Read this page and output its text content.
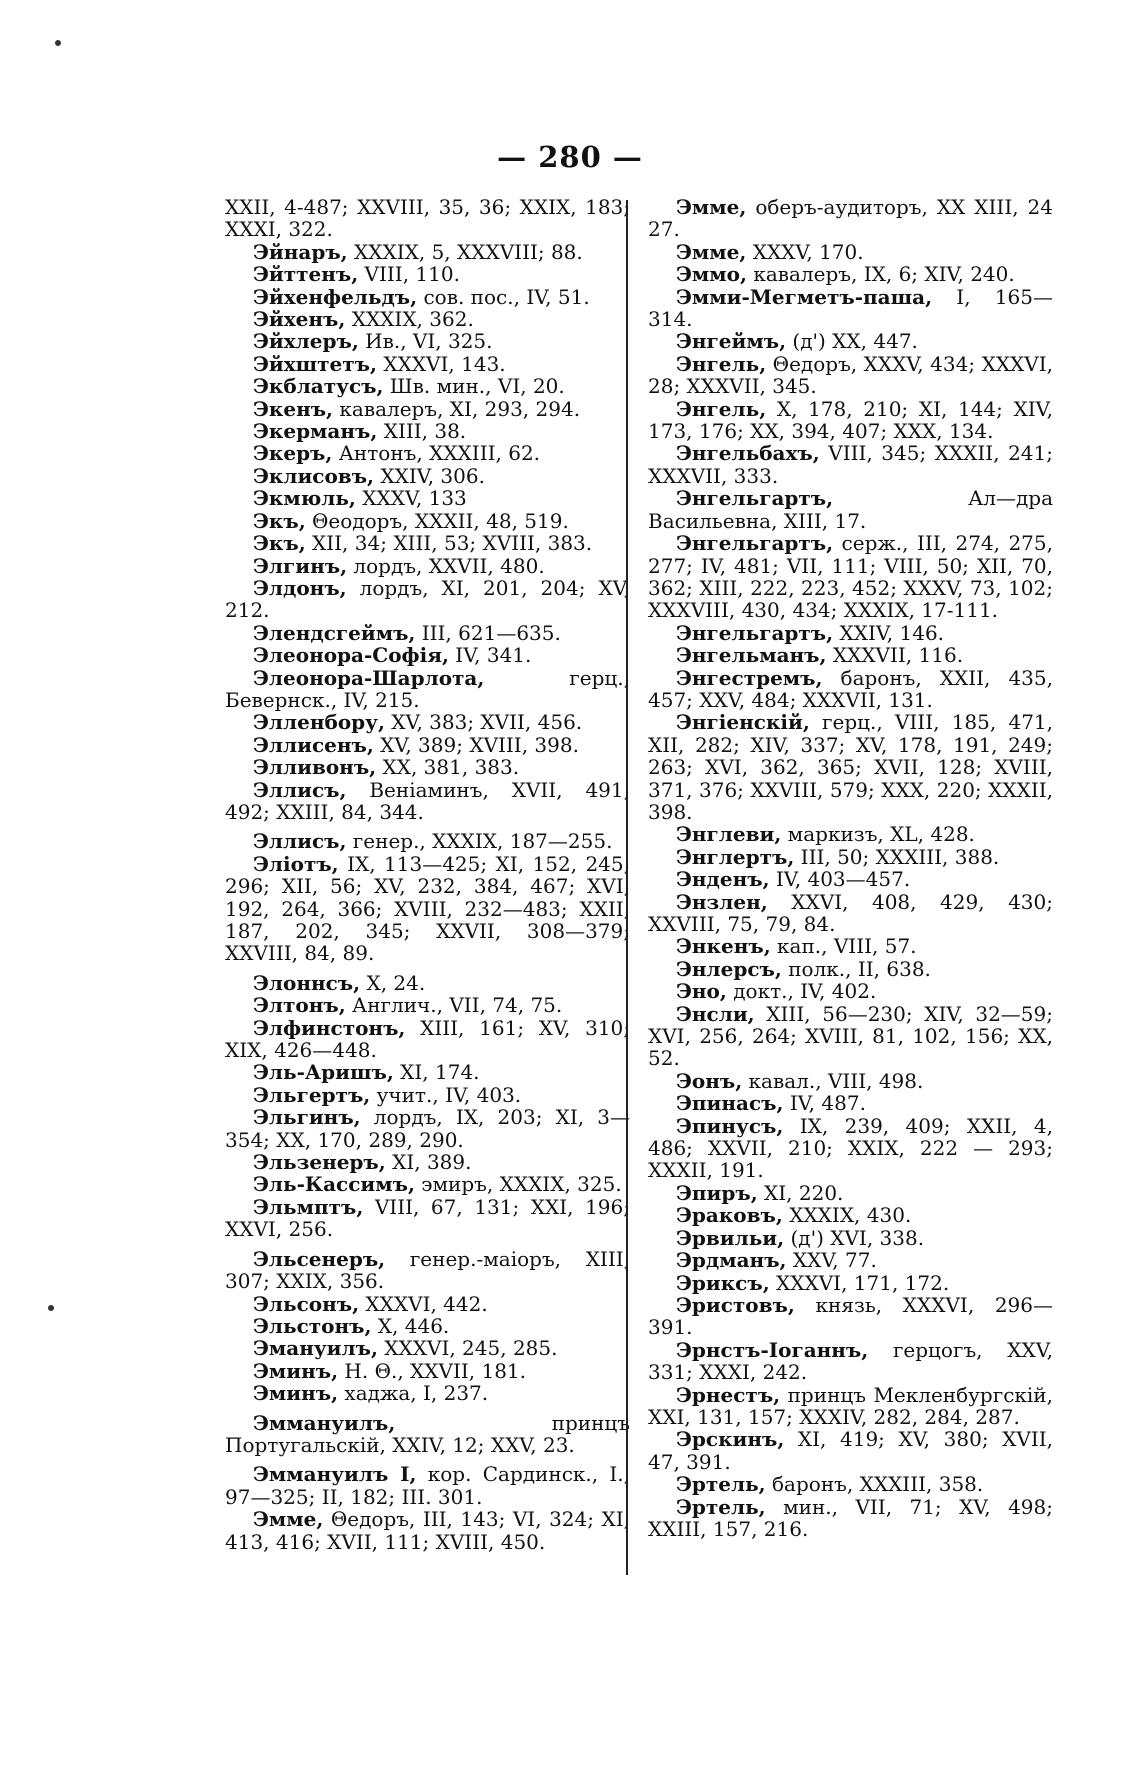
— 280 —

XXII, 4-487; XXVIII, 35, 36; XXIX, 183; XXXI, 322.

Эйнаръ, XXXIX, 5, XXXVIII; 88.

Эйттенъ, VIII, 110.

Эйхенфельдъ, сов. пос., IV, 51.

Эйхенъ, XXXIX, 362.

Эйхлеръ, Ив., VI, 325.

Эйхштетъ, XXXVI, 143.

Экблатусъ, Шв. мин., VI, 20.

Экенъ, кавалеръ, XI, 293, 294.

Экерманъ, XIII, 38.

Экеръ, Антонъ, XXXIII, 62.

Эклисовъ, XXIV, 306.

Экмюль, XXXV, 133

Экъ, Θеодоръ, XXXII, 48, 519.

Экъ, XII, 34; XIII, 53; XVIII, 383.

Элгинъ, лордъ, XXVII, 480.

Элдонъ, лордъ, XI, 201, 204; XV, 212.

Элендсгеймъ, III, 621—635.

Элеонора-Софія, IV, 341.

Элеонора-Шарлота, герц., Бевернск., IV, 215.

Элленбору, XV, 383; XVII, 456.

Эллисенъ, XV, 389; XVIII, 398.

Элливонъ, XX, 381, 383.

Эллисъ, Веніаминъ, XVII, 491, 492; XXIII, 84, 344.

Эллисъ, генер., XXXIX, 187—255.

Эліотъ, IX, 113—425; XI, 152, 245, 296; XII, 56; XV, 232, 384, 467; XVI, 192, 264, 366; XVIII, 232—483; XXII, 187, 202, 345; XXVII, 308—379; XXVIII, 84, 89.

Элоннсъ, X, 24.

Элтонъ, Англич., VII, 74, 75.

Элфинстонъ, XIII, 161; XV, 310; XIX, 426—448.

Эль-Аришъ, XI, 174.

Эльгертъ, учит., IV, 403.

Эльгинъ, лордъ, IX, 203; XI, 3—354; XX, 170, 289, 290.

Эльзенеръ, XI, 389.

Эль-Кассимъ, эмиръ, XXXIX, 325.

Эльмптъ, VIII, 67, 131; XXI, 196; XXVI, 256.

Эльсенеръ, генер.-маіоръ, XIII, 307; XXIX, 356.

Эльсонъ, XXXVI, 442.

Эльстонъ, X, 446.

Эмануилъ, XXXVI, 245, 285.

Эминъ, Н. Θ., XXVII, 181.

Эминъ, хаджа, I, 237.

Эммануилъ, принцъ Португальскій, XXIV, 12; XXV, 23.

Эммануилъ I, кор. Сардинск., I., 97—325; II, 182; III. 301.

Эмме, Θедоръ, III, 143; VI, 324; XI, 413, 416; XVII, 111; XVIII, 450.

Эмме, оберъ-аудиторъ, XX XIII, 24 27.

Эмме, XXXV, 170.

Эммо, кавалеръ, IX, 6; XIV, 240.

Эмми-Мегметъ-паша, I, 165—314.

Энгеймъ, (д') XX, 447.

Энгель, Θедоръ, XXXV, 434; XXXVI, 28; XXXVII, 345.

Энгель, X, 178, 210; XI, 144; XIV, 173, 176; XX, 394, 407; XXX, 134.

Энгельбахъ, VIII, 345; XXXII, 241; XXXVII, 333.

Энгельгартъ, Ал—дра Васильевна, XIII, 17.

Энгельгартъ, серж., III, 274, 275, 277; IV, 481; VII, 111; VIII, 50; XII, 70, 362; XIII, 222, 223, 452; XXXV, 73, 102; XXXVIII, 430, 434; XXXIX, 17-111.

Энгельгартъ, XXIV, 146.

Энгельманъ, XXXVII, 116.

Энгестремъ, баронъ, XXII, 435, 457; XXV, 484; XXXVII, 131.

Энгіенскій, герц., VIII, 185, 471, XII, 282; XIV, 337; XV, 178, 191, 249; 263; XVI, 362, 365; XVII, 128; XVIII, 371, 376; XXVIII, 579; XXX, 220; XXXII, 398.

Энглеви, маркизъ, XL, 428.

Энглертъ, III, 50; XXXIII, 388.

Энденъ, IV, 403—457.

Энзлен, XXVI, 408, 429, 430; XXVIII, 75, 79, 84.

Энкенъ, кап., VIII, 57.

Энлерсъ, полк., II, 638.

Эно, докт., IV, 402.

Энсли, XIII, 56—230; XIV, 32—59; XVI, 256, 264; XVIII, 81, 102, 156; XX, 52.

Эонъ, кавал., VIII, 498.

Эпинасъ, IV, 487.

Эпинусъ, IX, 239, 409; XXII, 4, 486; XXVII, 210; XXIX, 222 — 293; XXXII, 191.

Эпиръ, XI, 220.

Эраковъ, XXXIX, 430.

Эрвильи, (д') XVI, 338.

Эрдманъ, XXV, 77.

Эриксъ, XXXVI, 171, 172.

Эристовъ, князь, XXXVI, 296—391.

Эрнстъ-Іоганнъ, герцогъ, XXV, 331; XXXI, 242.

Эрнестъ, принцъ Мекленбургскій, XXI, 131, 157; XXXIV, 282, 284, 287.

Эрскинъ, XI, 419; XV, 380; XVII, 47, 391.

Эртель, баронъ, XXXIII, 358.

Эртель, мин., VII, 71; XV, 498; XXIII, 157, 216.
